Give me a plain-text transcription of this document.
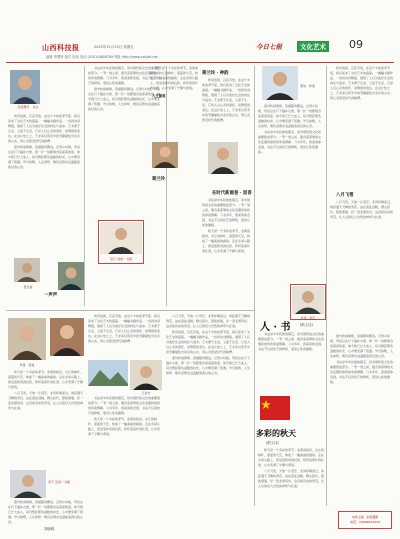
山西科技报	2022年11月25日 星期五
编辑 李慧妍 版式 郭冉 电话 (0351)8808789 网址 http://www.cskjbb.net
今日七报	文化艺术 09
吴思雅专 · 书法

秋风送爽，百花齐放，在这个丰收的季节里，我们迎来了文化艺术的盛宴。一幅幅书画作品，一首首诗词歌赋，展现了人们对美好生活的向往与追求。艺术源于生活，又高于生活，它是人们心灵的寄托，是情感的表达。在这片热土上，艺术家们用手中的笔墨描绘出家乡的山水，用心灵感受时代的脉搏。

窗外秋雨绵绵，思绪随风飘远。记得小时候，母亲总在灯下缝补衣裳，那一针一线都饱含着深深的爱。如今我已长大成人，每当想起那些温暖的时光，心中便充满了感激。岁月如歌，人生如梦，唯有亲情永远温暖着我们的心田。

吴冬凌
一声声

书法是中华民族的瑰宝，是中国传统文化的重要组成部分。一笔一划之间，蕴含着深厚的文化底蕴和独特的审美情趣。习书多年，我深深体会到，书法不仅是技艺的修炼，更是心性的磨砺。

窗外秋雨绵绵，思绪随风飘远。记得小时候，母亲总在灯下缝补衣裳，那一针一线都饱含着深深的爱。如今我已长大成人，每当想起那些温暖的时光，心中便充满了感激。岁月如歌，人生如梦，唯有亲情永远温暖着我们的心田。

人生随笔
吴凡 刘晨一书画

秋天是一个多彩的季节，金黄的稻田，火红的枫叶，湛蓝的天空，构成了一幅美丽的画卷。走在乡间小路上，感受着秋风的轻抚，聆听着落叶的私语，心中充满了宁静与喜悦。

蒋兰玲
蒋兰玲 · 神韵

秋风送爽，百花齐放，在这个丰收的季节里，我们迎来了文化艺术的盛宴。一幅幅书画作品，一首首诗词歌赋，展现了人们对美好生活的向往与追求。艺术源于生活，又高于生活，它是人们心灵的寄托，是情感的表达。在这片热土上，艺术家们用手中的笔墨描绘出家乡的山水，用心灵感受时代的脉搏。

在时代新画卷 · 留香

书法是中华民族的瑰宝，是中国传统文化的重要组成部分。一笔一划之间，蕴含着深厚的文化底蕴和独特的审美情趣。习书多年，我深深体会到，书法不仅是技艺的修炼，更是心性的磨砺。

秋天是一个多彩的季节，金黄的稻田，火红的枫叶，湛蓝的天空，构成了一幅美丽的画卷。走在乡间小路上，感受着秋风的轻抚，聆听着落叶的私语，心中充满了宁静与喜悦。

李诗 · 作者

窗外秋雨绵绵，思绪随风飘远。记得小时候，母亲总在灯下缝补衣裳，那一针一线都饱含着深深的爱。如今我已长大成人，每当想起那些温暖的时光，心中便充满了感激。岁月如歌，人生如梦，唯有亲情永远温暖着我们的心田。

书法是中华民族的瑰宝，是中国传统文化的重要组成部分。一笔一划之间，蕴含着深厚的文化底蕴和独特的审美情趣。习书多年，我深深体会到，书法不仅是技艺的修炼，更是心性的磨砺。

秋风送爽，百花齐放，在这个丰收的季节里，我们迎来了文化艺术的盛宴。一幅幅书画作品，一首首诗词歌赋，展现了人们对美好生活的向往与追求。艺术源于生活，又高于生活，它是人们心灵的寄托，是情感的表达。在这片热土上，艺术家们用手中的笔墨描绘出家乡的山水，用心灵感受时代的脉搏。

八月飞雪

八月飞雪，天地一片苍茫。北风呼啸而过，卷起漫天飞舞的雪花。站在高处远眺，群山起伏，银装素裹，好一派北国风光。这突如其来的雪景，让人们惊叹大自然的神奇与壮美。

作者 · 刘宝
作者 · 吴凌

秋天是一个多彩的季节，金黄的稻田，火红的枫叶，湛蓝的天空，构成了一幅美丽的画卷。走在乡间小路上，感受着秋风的轻抚，聆听着落叶的私语，心中充满了宁静与喜悦。

八月飞雪，天地一片苍茫。北风呼啸而过，卷起漫天飞舞的雪花。站在高处远眺，群山起伏，银装素裹，好一派北国风光。这突如其来的雪景，让人们惊叹大自然的神奇与壮美。

李艺 吴凌一书画

窗外秋雨绵绵，思绪随风飘远。记得小时候，母亲总在灯下缝补衣裳，那一针一线都饱含着深深的爱。如今我已长大成人，每当想起那些温暖的时光，心中便充满了感激。岁月如歌，人生如梦，唯有亲情永远温暖着我们的心田。

刘晓明

秋风送爽，百花齐放，在这个丰收的季节里，我们迎来了文化艺术的盛宴。一幅幅书画作品，一首首诗词歌赋，展现了人们对美好生活的向往与追求。艺术源于生活，又高于生活，它是人们心灵的寄托，是情感的表达。在这片热土上，艺术家们用手中的笔墨描绘出家乡的山水，用心灵感受时代的脉搏。

王东方

书法是中华民族的瑰宝，是中国传统文化的重要组成部分。一笔一划之间，蕴含着深厚的文化底蕴和独特的审美情趣。习书多年，我深深体会到，书法不仅是技艺的修炼，更是心性的磨砺。

秋天是一个多彩的季节，金黄的稻田，火红的枫叶，湛蓝的天空，构成了一幅美丽的画卷。走在乡间小路上，感受着秋风的轻抚，聆听着落叶的私语，心中充满了宁静与喜悦。

八月飞雪，天地一片苍茫。北风呼啸而过，卷起漫天飞舞的雪花。站在高处远眺，群山起伏，银装素裹，好一派北国风光。这突如其来的雪景，让人们惊叹大自然的神奇与壮美。

秋风送爽，百花齐放，在这个丰收的季节里，我们迎来了文化艺术的盛宴。一幅幅书画作品，一首首诗词歌赋，展现了人们对美好生活的向往与追求。艺术源于生活，又高于生活，它是人们心灵的寄托，是情感的表达。在这片热土上，艺术家们用手中的笔墨描绘出家乡的山水，用心灵感受时代的脉搏。

窗外秋雨绵绵，思绪随风飘远。记得小时候，母亲总在灯下缝补衣裳，那一针一线都饱含着深深的爱。如今我已长大成人，每当想起那些温暖的时光，心中便充满了感激。岁月如歌，人生如梦，唯有亲情永远温暖着我们的心田。

人 · 书	(散文诗)

书法是中华民族的瑰宝，是中国传统文化的重要组成部分。一笔一划之间，蕴含着深厚的文化底蕴和独特的审美情趣。习书多年，我深深体会到，书法不仅是技艺的修炼，更是心性的磨砺。

多彩的秋天
(散文诗)

秋天是一个多彩的季节，金黄的稻田，火红的枫叶，湛蓝的天空，构成了一幅美丽的画卷。走在乡间小路上，感受着秋风的轻抚，聆听着落叶的私语，心中充满了宁静与喜悦。

八月飞雪，天地一片苍茫。北风呼啸而过，卷起漫天飞舞的雪花。站在高处远眺，群山起伏，银装素裹，好一派北国风光。这突如其来的雪景，让人们惊叹大自然的神奇与壮美。

窗外秋雨绵绵，思绪随风飘远。记得小时候，母亲总在灯下缝补衣裳，那一针一线都饱含着深深的爱。如今我已长大成人，每当想起那些温暖的时光，心中便充满了感激。岁月如歌，人生如梦，唯有亲情永远温暖着我们的心田。

书法是中华民族的瑰宝，是中国传统文化的重要组成部分。一笔一划之间，蕴含着深厚的文化底蕴和独特的审美情趣。习书多年，我深深体会到，书法不仅是技艺的修炼，更是心性的磨砺。

本版主编 · 本版摄影
电话：18264601234
